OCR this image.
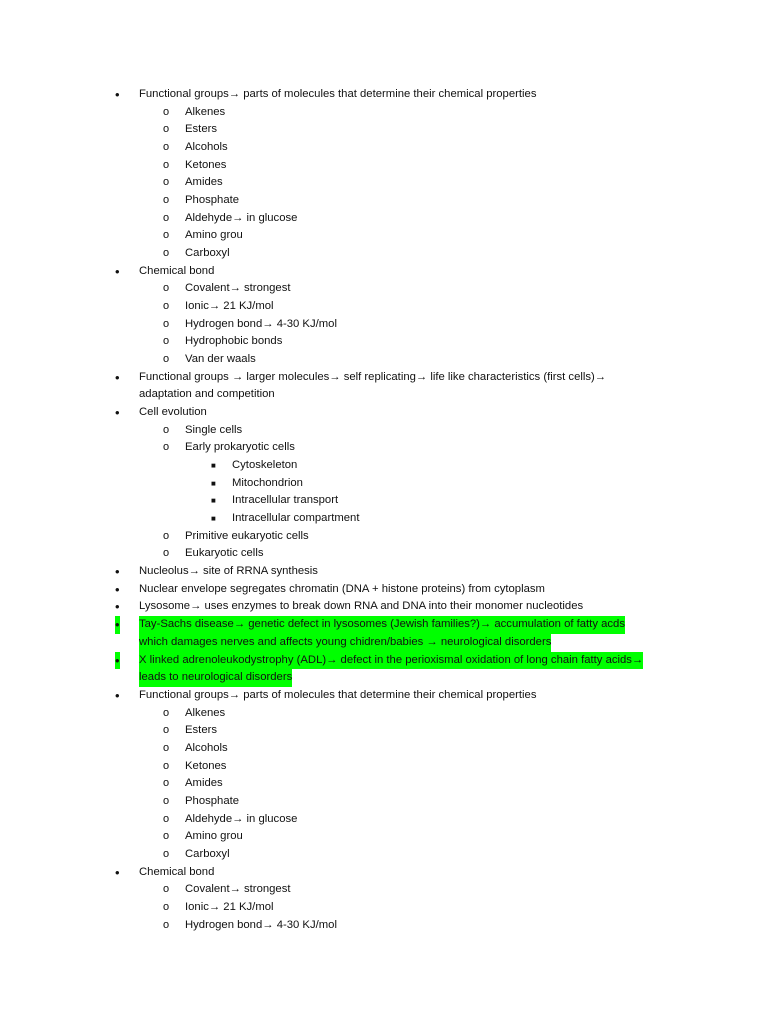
• Functional groups→ parts of molecules that determine their chemical properties
o Alkenes
o Esters
o Alcohols
o Ketones
o Amides
o Phosphate
o Aldehyde→ in glucose
o Amino grou
o Carboxyl
• Chemical bond
o Covalent→ strongest
o Ionic→ 21 KJ/mol
o Hydrogen bond→ 4-30 KJ/mol
o Hydrophobic bonds
o Van der waals
• Functional groups → larger molecules→ self replicating→ life like characteristics (first cells)→
adaptation and competition
• Cell evolution
o Single cells
o Early prokaryotic cells
■ Cytoskeleton
■ Mitochondrion
■ Intracellular transport
■ Intracellular compartment
o Primitive eukaryotic cells
o Eukaryotic cells
• Nucleolus→ site of RRNA synthesis
• Nuclear envelope segregates chromatin (DNA + histone proteins) from cytoplasm
• Lysosome→ uses enzymes to break down RNA and DNA into their monomer nucleotides
• Tay-Sachs disease→ genetic defect in lysosomes (Jewish families?)→ accumulation of fatty acds
which damages nerves and affects young chidren/babies → neurological disorders
• X linked adrenoleukodystrophy (ADL)→ defect in the perioxismal oxidation of long chain fatty acids→
leads to neurological disorders
• Functional groups→ parts of molecules that determine their chemical properties
o Alkenes
o Esters
o Alcohols
o Ketones
o Amides
o Phosphate
o Aldehyde→ in glucose
o Amino grou
o Carboxyl
• Chemical bond
o Covalent→ strongest
o Ionic→ 21 KJ/mol
o Hydrogen bond→ 4-30 KJ/mol
